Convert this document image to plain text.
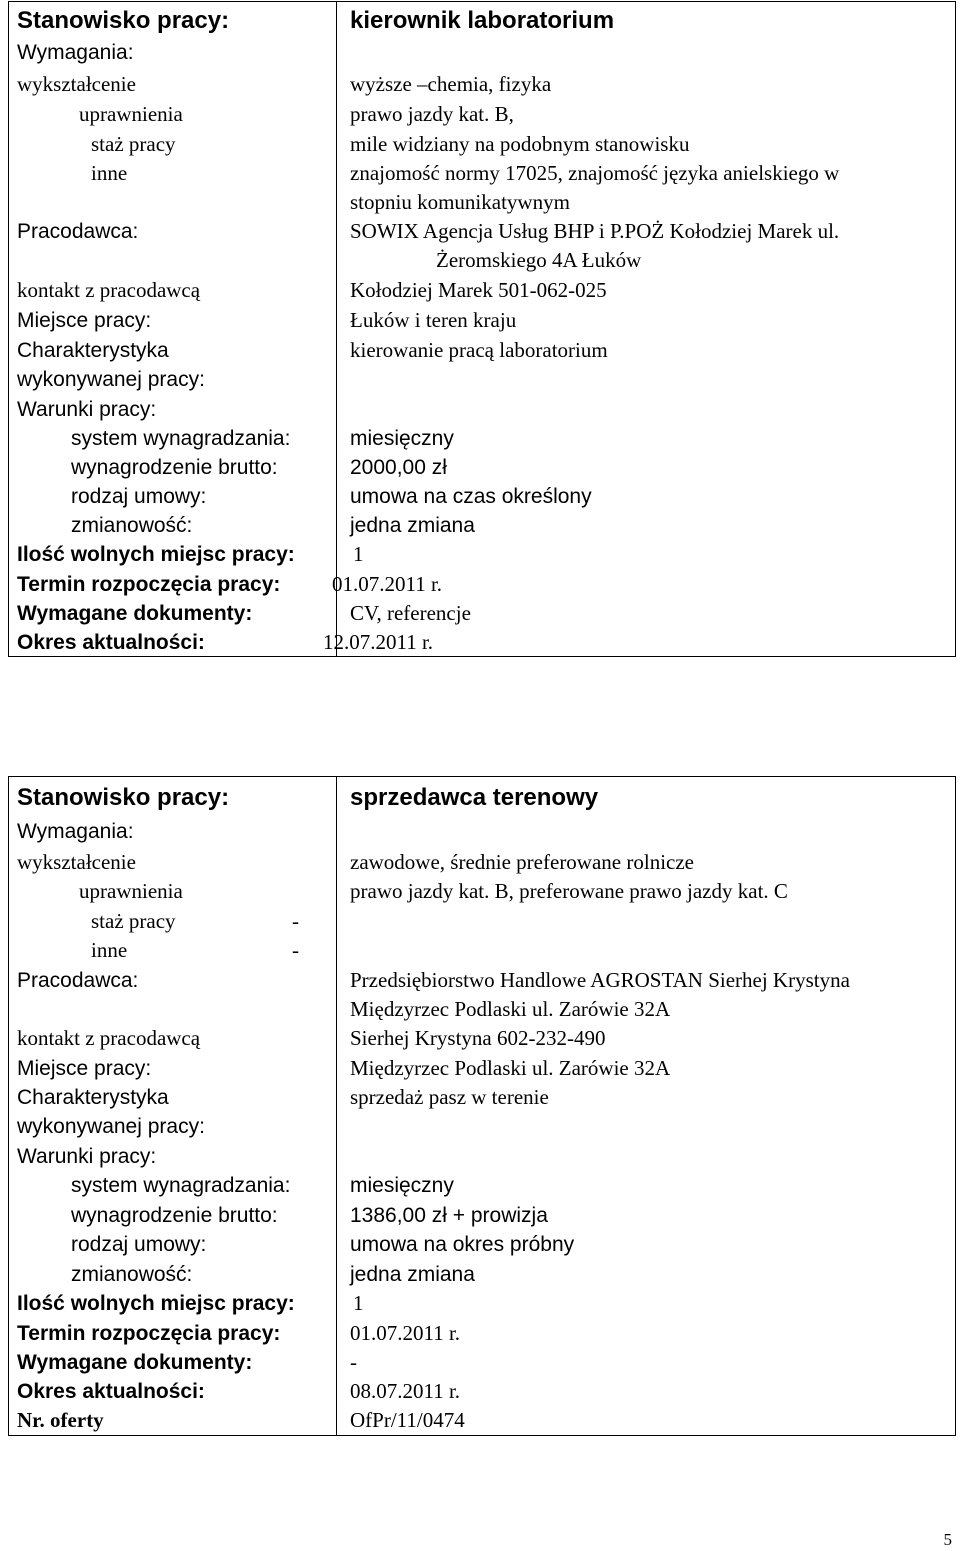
Stanowisko pracy:	kierownik laboratorium
Wymagania:
wykształcenie	wyższe –chemia, fizyka
uprawnienia	prawo jazdy kat. B,
staż pracy	mile widziany na podobnym stanowisku
inne	znajomość normy 17025, znajomość języka anielskiego w
stopniu komunikatywnym
Pracodawca:	SOWIX Agencja Usług BHP i P.POŻ Kołodziej Marek ul.
Żeromskiego 4A Łuków
kontakt z pracodawcą	Kołodziej Marek 501-062-025
Miejsce pracy:	Łuków i teren kraju
Charakterystyka
wykonywanej pracy:
kierowanie pracą laboratorium
Warunki pracy:
system wynagradzania:	miesięczny
wynagrodzenie brutto:	2000,00 zł
rodzaj umowy:	umowa na czas określony
zmianowość:	jedna zmiana
Ilość wolnych miejsc pracy:	1
Termin rozpoczęcia pracy: 01.07.2011 r.
Wymagane dokumenty:	CV, referencje
Okres aktualności:	12.07.2011 r.
Stanowisko pracy:	sprzedawca terenowy
Wymagania:
wykształcenie	zawodowe, średnie preferowane rolnicze
uprawnienia	prawo jazdy kat. B, preferowane prawo jazdy kat. C
staż pracy	-
inne	-
Pracodawca:	Przedsiębiorstwo Handlowe AGROSTAN Sierhej Krystyna
Międzyrzec Podlaski ul. Zarówie 32A
kontakt z pracodawcą	Sierhej Krystyna 602-232-490
Miejsce pracy:	Międzyrzec Podlaski ul. Zarówie 32A
Charakterystyka
wykonywanej pracy:
sprzedaż pasz w terenie
Warunki pracy:
system wynagradzania:	miesięczny
wynagrodzenie brutto:	1386,00 zł + prowizja
rodzaj umowy:	umowa na okres próbny
zmianowość:	jedna zmiana
Ilość wolnych miejsc pracy:	1
Termin rozpoczęcia pracy:	01.07.2011 r.
Wymagane dokumenty:	-
Okres aktualności:	08.07.2011 r.
Nr. oferty	OfPr/11/0474
5
